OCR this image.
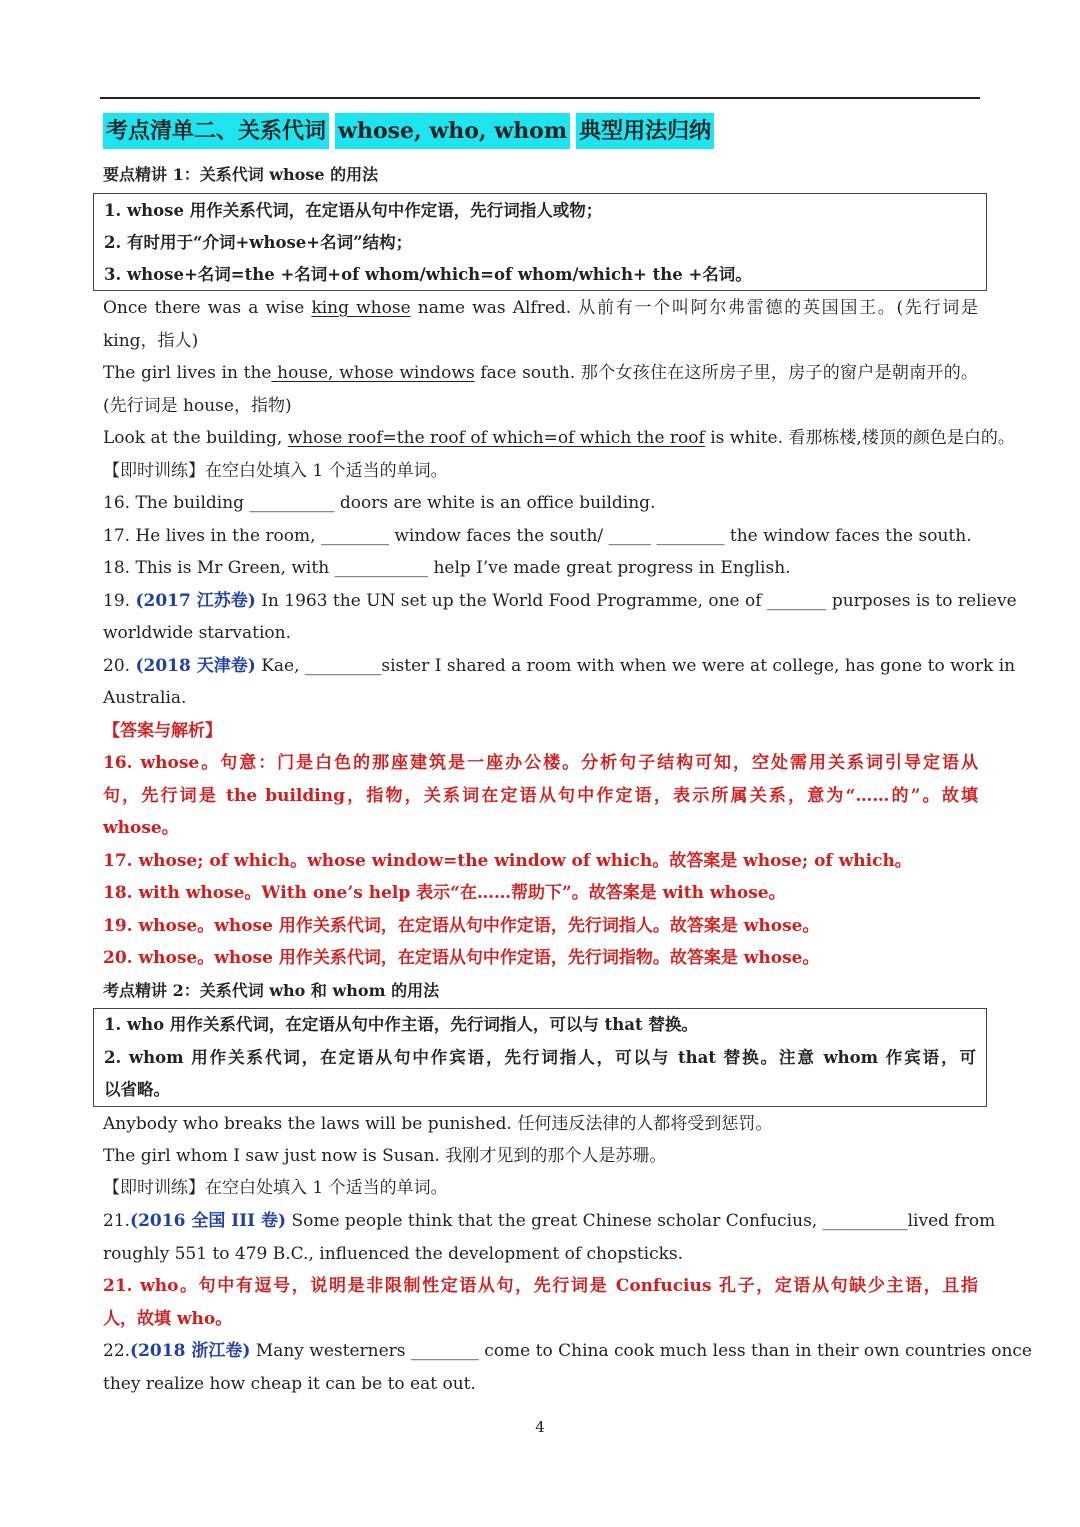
考点清单二、关系代词 whose, who, whom 典型用法归纳
要点精讲 1：关系代词 whose 的用法
1. whose 用作关系代词，在定语从句中作定语，先行词指人或物；
2. 有时用于“介词+whose+名词”结构；
3. whose+名词=the +名词+of whom/which=of whom/which+ the +名词。
Once there was a wise king whose name was Alfred. 从前有一个叫阿尔弗雷德的英国国王。(先行词是
king，指人)
The girl lives in the house, whose windows face south. 那个女孩住在这所房子里，房子的窗户是朝南开的。
(先行词是 house，指物)
Look at the building, whose roof=the roof of which=of which the roof is white. 看那栋楼,楼顶的颜色是白的。
【即时训练】在空白处填入 1 个适当的单词。
16. The building __________ doors are white is an office building.
17. He lives in the room, ________ window faces the south/ _____ ________ the window faces the south.
18. This is Mr Green, with ___________ help I’ve made great progress in English.
19. (2017 江苏卷) In 1963 the UN set up the World Food Programme, one of _______ purposes is to relieve
worldwide starvation.
20. (2018 天津卷) Kae, _________sister I shared a room with when we were at college, has gone to work in
Australia.
【答案与解析】
16. whose。句意：门是白色的那座建筑是一座办公楼。分析句子结构可知，空处需用关系词引导定语从
句，先行词是 the building，指物，关系词在定语从句中作定语，表示所属关系，意为“……的”。故填
whose。
17. whose; of which。whose window=the window of which。故答案是 whose; of which。
18. with whose。With one’s help 表示“在……帮助下”。故答案是 with whose。
19. whose。whose 用作关系代词，在定语从句中作定语，先行词指人。故答案是 whose。
20. whose。whose 用作关系代词，在定语从句中作定语，先行词指物。故答案是 whose。
考点精讲 2：关系代词 who 和 whom 的用法
1. who 用作关系代词，在定语从句中作主语，先行词指人，可以与 that 替换。
2. whom 用作关系代词，在定语从句中作宾语，先行词指人，可以与 that 替换。注意 whom 作宾语，可
以省略。
Anybody who breaks the laws will be punished. 任何违反法律的人都将受到惩罚。
The girl whom I saw just now is Susan. 我刚才见到的那个人是苏珊。
【即时训练】在空白处填入 1 个适当的单词。
21.(2016 全国 III 卷) Some people think that the great Chinese scholar Confucius, __________lived from
roughly 551 to 479 B.C., influenced the development of chopsticks.
21. who。句中有逗号，说明是非限制性定语从句，先行词是 Confucius 孔子，定语从句缺少主语，且指
人，故填 who。
22.(2018 浙江卷) Many westerners ________ come to China cook much less than in their own countries once
they realize how cheap it can be to eat out.
4
